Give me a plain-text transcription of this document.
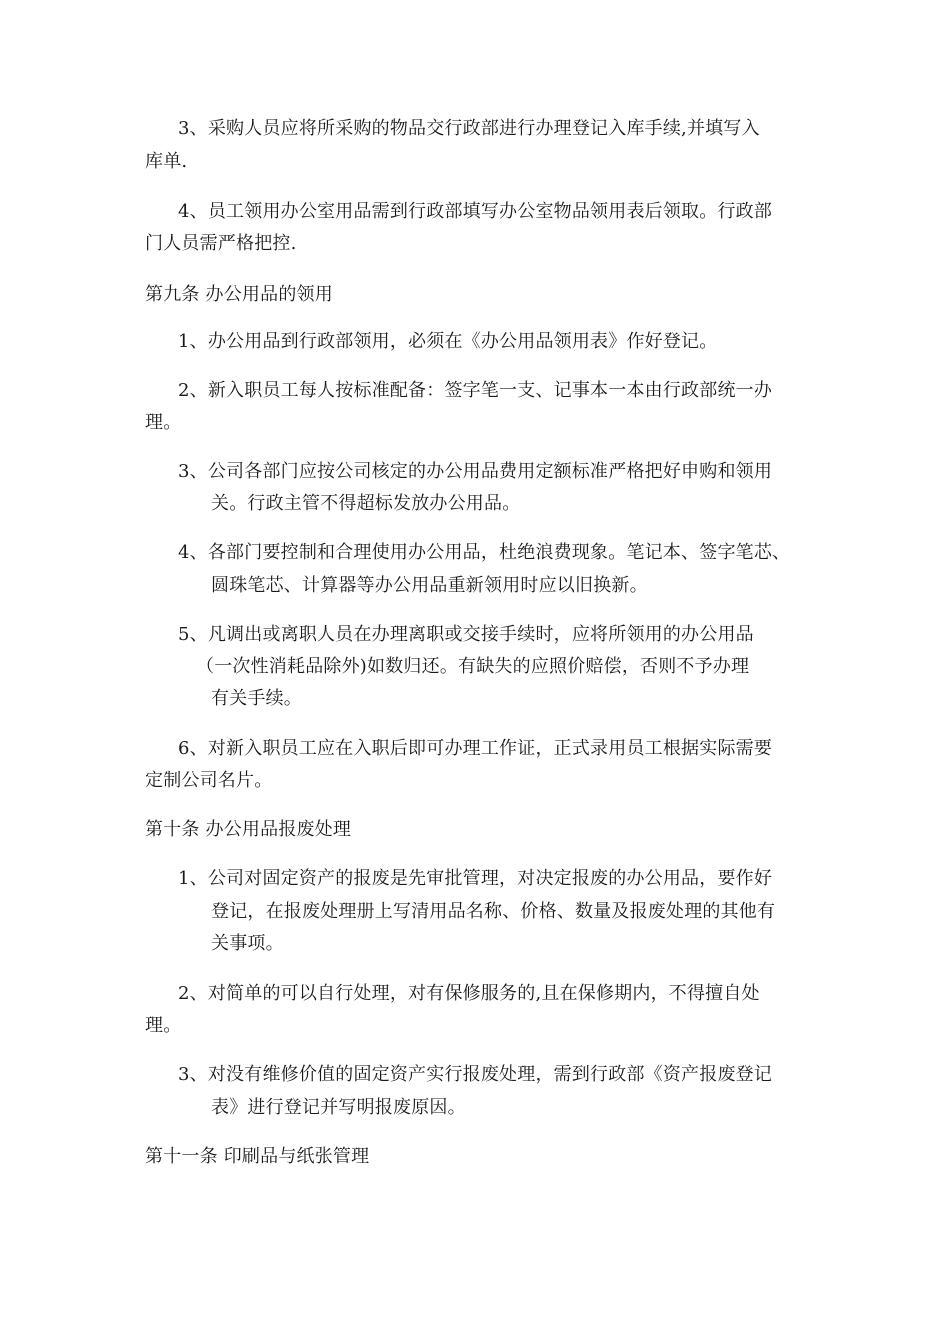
3、采购人员应将所采购的物品交行政部进行办理登记入库手续,并填写入
库单.
4、员工领用办公室用品需到行政部填写办公室物品领用表后领取。行政部
门人员需严格把控.
第九条 办公用品的领用
1、办公用品到行政部领用，必须在《办公用品领用表》作好登记。
2、新入职员工每人按标准配备：签字笔一支、记事本一本由行政部统一办
理。
3、公司各部门应按公司核定的办公用品费用定额标准严格把好申购和领用
关。行政主管不得超标发放办公用品。
4、各部门要控制和合理使用办公用品，杜绝浪费现象。笔记本、签字笔芯、
圆珠笔芯、计算器等办公用品重新领用时应以旧换新。
5、凡调出或离职人员在办理离职或交接手续时，应将所领用的办公用品
（一次性消耗品除外)如数归还。有缺失的应照价赔偿，否则不予办理
有关手续。
6、对新入职员工应在入职后即可办理工作证，正式录用员工根据实际需要
定制公司名片。
第十条 办公用品报废处理
1、公司对固定资产的报废是先审批管理，对决定报废的办公用品，要作好
登记，在报废处理册上写清用品名称、价格、数量及报废处理的其他有
关事项。
2、对简单的可以自行处理，对有保修服务的,且在保修期内，不得擅自处
理。
3、对没有维修价值的固定资产实行报废处理，需到行政部《资产报废登记
表》进行登记并写明报废原因。
第十一条 印刷品与纸张管理
